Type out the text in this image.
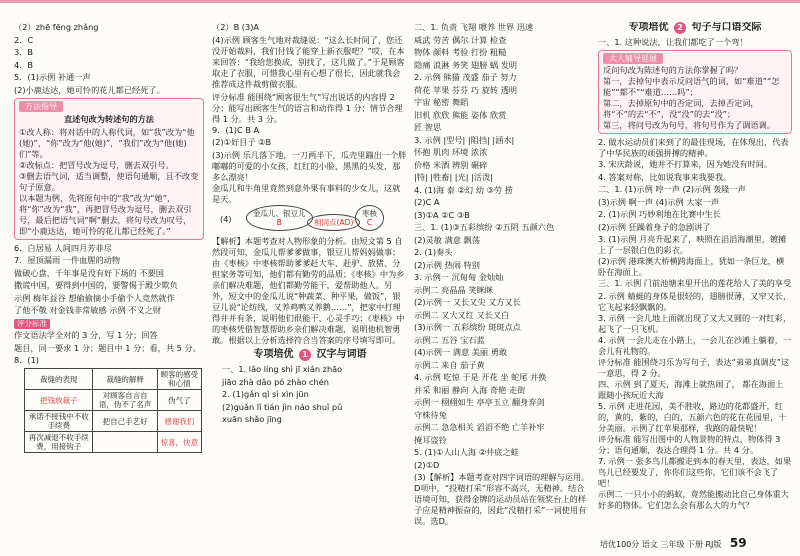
（2）zhē fēng zhǎng
2．C
3．B
4．B
5．(1)示例 补通一声
(2)小鹿达达，她可怜的花儿都已经死了。
方法指导
直述句改为转述句的方法
①改人称：将对话中的人称代词，如“我”改为“他(她)”，“你”改为“他(她)”，“我们”改为“他(她)们”等。
②改标点：把冒号改为逗号，删去双引号。
③删去语气词，适当调整，使语句通顺，且不改变句子原意。
以本题为例，先将原句中的“我”改为“她”，将“你”改为“我”，再把冒号改为逗号，删去双引号，最后把语气词“啊”删去，将句号改为叹号，即“小鹿达达，她可怜的花儿都已经死了。”
6．白居易 人间四月芳菲尽
7．屋顶漏雨 一件血腥的动物
做破心盘，千年事是没有好下场的 不要国
撒谎中国，要得到中国的，要警惕于殿少欺负
示例 梅年益谷 想偷偷摘小手偷个人竞然就作
了他不敬 对金钱非常敏感 示例 不义之财
评分标准
作文语法学全对的 3 分，写 1 分；回答
题目，同一要求 1 分；题目中 1 分；看，共 5 分。
8．(1)
裁缝的表现	裁缝的解释	顾客的感受和心情
把钱放裁子	对顾客自言自语，伪不了名声	伪气了
承诺不接钱中不收手续费	把自己手艺好	感谢我们
再次减退不收手续费，用接钩子		惊喜，快意
（2）B (3)A
(4)示例 顾客生气地对裁缝说：“这么长时间了，您还没开始裁料，我们付钱了能穿上新衣服吧？”哎，在本来回答：“我给您换成，别找了，这儿做了。”于是顾客取走了衣服，可惜我心里有心想了很长，因此就我会推荐成这件裁剪做衣服。
评分标准 能围绕“顾客很生气”写出说话的内容得 2 分；能写出顾客生气的语言和动作得 1 分；情节合理得 1 分。共 3 分。
9．(1)C B A
(2)①好目子 ②B
(3)示例 乐几落下地，一刀两半下，瓜壳里蹦出一个胖嘟嘟的可爱的小女孩，红红的小脸，黑黑的头发，那多么漂亮！
金瓜儿和牛角里竟然到意外果有事料的少女儿，这就是天。
(4)
金瓜儿、银豆儿
B	相同点(AD) 枣核
C
【解析】本题考查对人物形象的分析。由短文第 5 自然段可知，金瓜儿帮爹爹做事，银豆儿帮妈妈做事；由《枣核》中枣核帮助爹爹赶大车、赶驴、放猪、分担家务等可知，他们都有勤劳的品质；《枣核》中为乡亲们解决难题，他们都勤劳能干，爱帮助他人。另外，短文中的金瓜儿说“种蔬菜、种平果，做饭”，银豆儿说“论纺线，又养鸡鸭又养鹅……”，把家中打理得井井有条，说明他们很能干、心灵手巧；《枣核》中的枣核凭借智慧帮助乡亲们解决难题，说明他机智勇敢。根据以上分析选择符合当答案的序号填写即可。
专项培优 1 汉字与词语
一、1. lǎo líng shì jī xián zhāo
jiāo zhà dǎo pó zhào chén
2. (1)gǎn qì sì xìn jūn
(2)guǎn lǐ tián jìn náo shuǐ pǔ
xuān shǎo jīng
二、1. 负责 飞翔 喂养 世界 迅速
威武 劳苦 偶尔 计算 检查
物体 颜料 考验 打扮 粗糙
隐痛 浪淋 务笑 翅膀 蜗 发明
2. 示例 熊猫 茂盛 茄子 努力
荷花 苹果 芬芬 巧 旋转 透明
宇宙 秘密 舞蹈
旧机 欣欣 熊能 姿体 欣赏
匠 智思
3. 示例 |型号| |阻挡| |涵水|
怀抱 肌肉 环境 浓浓
价格 米酒 辨别 碾碎
|特| |牲畜| |光| |活泼|
4. (1)海 泰 ②幻 幼 ③劳 捞
(2)C A
(3)①A ②C ③B
三、1. (1)③五彩缤纷 ②五阴 五颜六色
(2)灵敏 满意 飘荡
2. (1)奏头
(2)示例 热闹 特别
3. 示例一 沉甸甸 金灿灿
示例二 亮晶晶 笑眯眯
(2)示例一 又长又尖 又方又长
示例二 又大又红 又长又白
(3)示例一 五彩缤纷 斑斑点点
示例二 五谷 宝石蓝
(4)示例一 满意 美丽 勇敢
示例二 来自 茄子黄
4. 示例 吃惊 于是 开花 坐 蛇尾 并换
并采 和丽 静向 入海 奇艳 走街
示例一 栩栩如生 亭亭玉立 翻身弃剑
守株待兔
示例二 急急相关 滔滔不绝 亡羊补牢
掩耳盗铃
5. (1)①人山人海 ②井底之蛙
(2)①D
(3)【解析】本题考查对四字词语的理解与运用。D项中，“投精打采”形容不高兴，无精神。结合语境可知，获得金牌的运动员站在领奖台上的样子应是精神振奋的，因此“没精打采”一词使用有误。选D。
专项培优 2 句子与口语交际
一、1. 这种说法，让我们都吃了一个弯！
大人辅导延展
反问句改为陈述句的方法你掌握了吗？
第一，去掉句中表示反问语气的词，如“难道”“怎能”“都不”“难道……吗”；
第二，去掉原句中的否定词，去掉否定词，将“不”的去“不”，没“没”的去“没”；
第三，将问号改为句号，将句号作为了调语调。
2. 做水运动员们来到了的最佳现场，在体现出，代表了中华民族的顽强拼搏的精神。
3. 宋庆龄说，她并不打算来，因为她没有时间。
4. 答案对称，比如说我事来我要我。
二、1. (1)示例 哼一声 (2)示例 轰隆一声
(3)示例 啊一声 (4)示例 大家一声
2. (1)示例 巧妙利地在比赛中生长
(2)示例 狂躁着身子的急剧讲了
3. (1)示例 月亮升起来了，映照在滔滔海潮里，镀摊上了一层银白色的彩衣。
(2)示例 港珠澳大桥横跨海面上，犹如一条巨龙，横卧在海面上。
三、1. 示例 门前池塘来里开出的莲花给人了美的享受
2. 示例 蜻蜓的身体是很轻的，翅膀很薄，又窄又长，它飞起来轻飘飘的。
3. 示例 一会儿地上面就出现了又大又圆的一对红彩，起飞了一只飞机。
4. 示例 一会儿走在小路上，一会儿在沙滩上躺着，一会儿有礼物的。
评分标准 能围绕习乐为写句子，表达“弟弟真调皮”这一意思，得 2 分。
四、示例 到了夏天，海滩上就热闹了， 都在海面上 跟随小孩玩近大海
5. 示例 走进花园，美不胜收，路边的花都盛开，红的，黄的，紫的，白的，五颜六色的花在花园里，十分美丽。示例了红苹果那样，我跑的最快呢！
评分标准 能写出图中的人物景物的特点，物体得 3 分；语句通顺，表达合理得 1 分。共 4 分。
7. 示例一 张多鸟儿都搬走到本的春天里，表达，如果鸟儿已经要发了，你你们这些你，它们该不会飞了吧！
示例二 一只小小的蚂蚁，竟然能搬动比自己身体重大好多的物体。它们怎么会有那么大的力气？
培优100分 语文 三年级 下册 RJ版 59
